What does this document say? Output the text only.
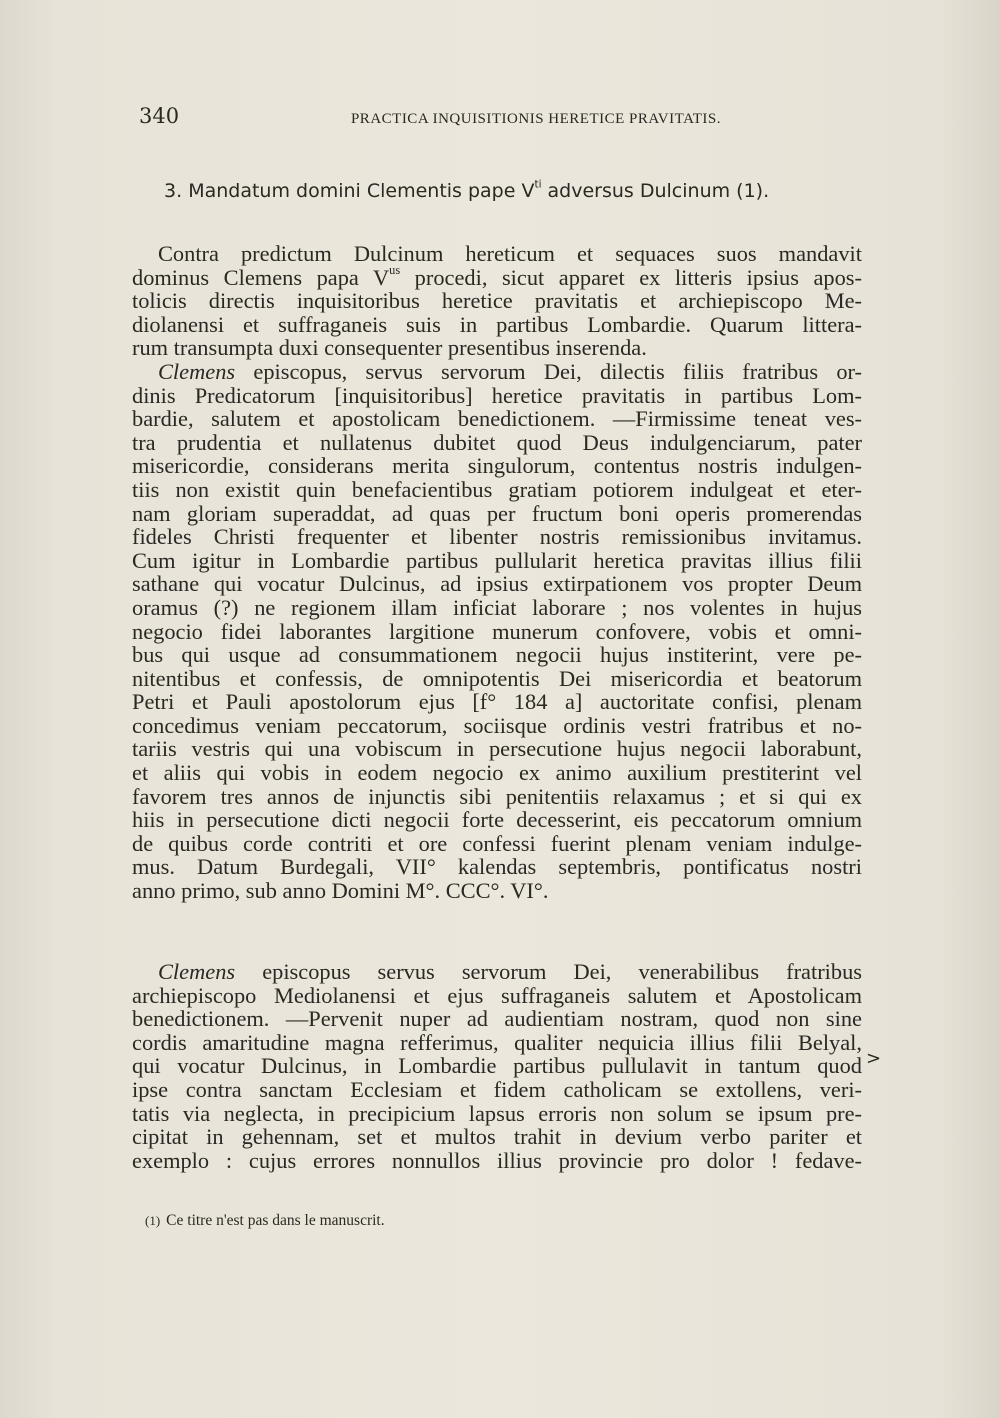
340	PRACTICA INQUISITIONIS HERETICE PRAVITATIS.
3. Mandatum domini Clementis pape $V^{ti}$ adversus Dulcinum (1).

Contra predictum Dulcinum hereticum et sequaces suos mandavit
dominus Clemens papa $V^{us}$ procedi, sicut apparet ex litteris ipsius apos-
tolicis directis inquisitoribus heretice pravitatis et archiepiscopo Me-
diolanensi et suffraganeis suis in partibus Lombardie. Quarum littera-
rum transumpta duxi consequenter presentibus inserenda.

Clemens episcopus, servus servorum Dei, dilectis filiis fratribus or-
dinis Predicatorum [inquisitoribus] heretice pravitatis in partibus Lom-
bardie, salutem et apostolicam benedictionem. —Firmissime teneat ves-
tra prudentia et nullatenus dubitet quod Deus indulgenciarum, pater
misericordie, considerans merita singulorum, contentus nostris indulgen-
tiis non existit quin benefacientibus gratiam potiorem indulgeat et eter-
nam gloriam superaddat, ad quas per fructum boni operis promerendas
fideles Christi frequenter et libenter nostris remissionibus invitamus.
Cum igitur in Lombardie partibus pullularit heretica pravitas illius filii
sathane qui vocatur Dulcinus, ad ipsius extirpationem vos propter Deum
oramus (?) ne regionem illam inficiat laborare ; nos volentes in hujus
negocio fidei laborantes largitione munerum confovere, vobis et omni-
bus qui usque ad consummationem negocii hujus institerint, vere pe-
nitentibus et confessis, de omnipotentis Dei misericordia et beatorum
Petri et Pauli apostolorum ejus [f° 184 a] auctoritate confisi, plenam
concedimus veniam peccatorum, sociisque ordinis vestri fratribus et no-
tariis vestris qui una vobiscum in persecutione hujus negocii laborabunt,
et aliis qui vobis in eodem negocio ex animo auxilium prestiterint vel
favorem tres annos de injunctis sibi penitentiis relaxamus ; et si qui ex
hiis in persecutione dicti negocii forte decesserint, eis peccatorum omnium
de quibus corde contriti et ore confessi fuerint plenam veniam indulge-
mus. Datum Burdegali, VII° kalendas septembris, pontificatus nostri
anno primo, sub anno Domini M°. CCC°. VI°.

Clemens episcopus servus servorum Dei, venerabilibus fratribus
archiepiscopo Mediolanensi et ejus suffraganeis salutem et Apostolicam
benedictionem. —Pervenit nuper ad audientiam nostram, quod non sine
cordis amaritudine magna refferimus, qualiter nequicia illius filii Belyal,
qui vocatur Dulcinus, in Lombardie partibus pullulavit in tantum quod
ipse contra sanctam Ecclesiam et fidem catholicam se extollens, veri-
tatis via neglecta, in precipicium lapsus erroris non solum se ipsum pre-
cipitat in gehennam, set et multos trahit in devium verbo pariter et
exemplo : cujus errores nonnullos illius provincie pro dolor ! fedave-

>
(1) Ce titre n'est pas dans le manuscrit.
